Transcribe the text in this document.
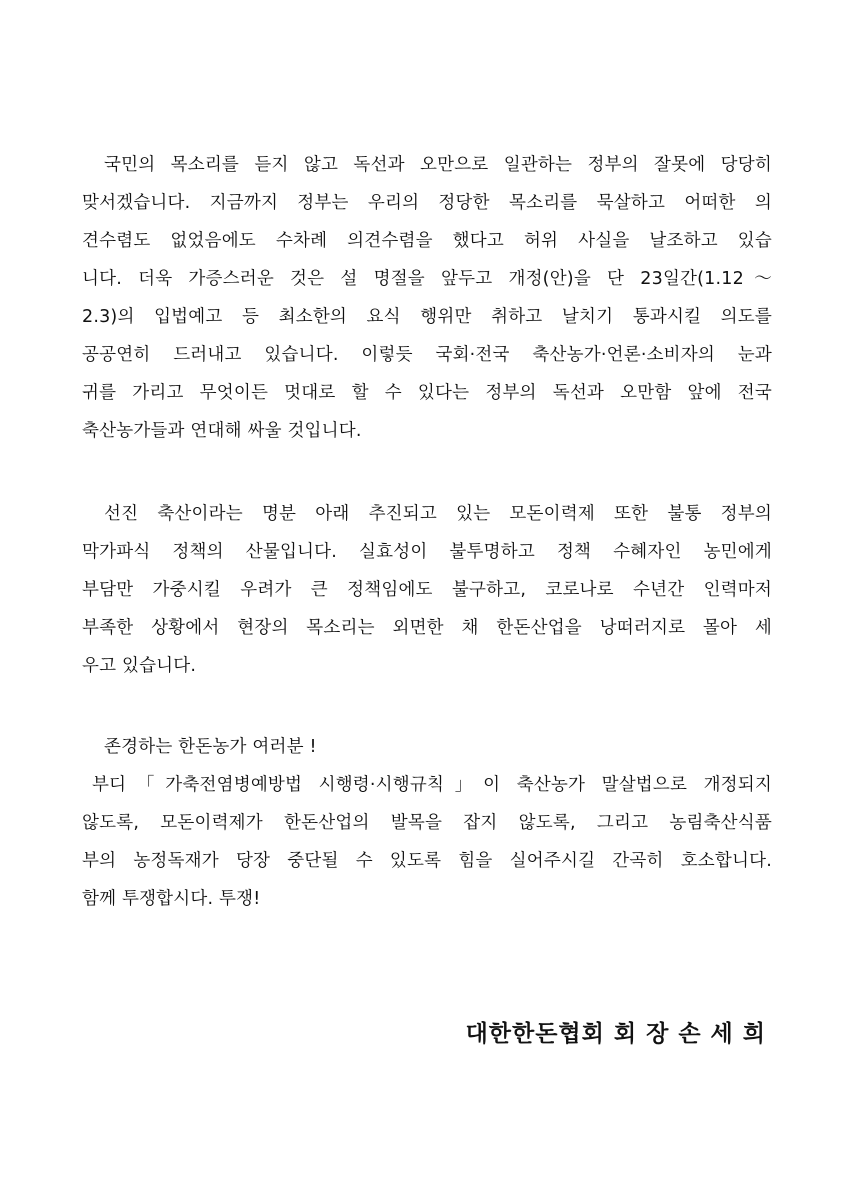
국민의 목소리를 듣지 않고 독선과 오만으로 일관하는 정부의 잘못에 당당히
맞서겠습니다. 지금까지 정부는 우리의 정당한 목소리를 묵살하고 어떠한 의
견수렴도 없었음에도 수차례 의견수렴을 했다고 허위 사실을 날조하고 있습
니다. 더욱 가증스러운 것은 설 명절을 앞두고 개정(안)을 단 23일간(1.12～
2.3)의 입법예고 등 최소한의 요식 행위만 취하고 날치기 통과시킬 의도를
공공연히 드러내고 있습니다. 이렇듯 국회·전국 축산농가·언론·소비자의 눈과
귀를 가리고 무엇이든 멋대로 할 수 있다는 정부의 독선과 오만함 앞에 전국
축산농가들과 연대해 싸울 것입니다.
선진 축산이라는 명분 아래 추진되고 있는 모돈이력제 또한 불통 정부의
막가파식 정책의 산물입니다. 실효성이 불투명하고 정책 수혜자인 농민에게
부담만 가중시킬 우려가 큰 정책임에도 불구하고, 코로나로 수년간 인력마저
부족한 상황에서 현장의 목소리는 외면한 채 한돈산업을 낭떠러지로 몰아 세
우고 있습니다.
존경하는 한돈농가 여러분 !
부디「가축전염병예방법 시행령·시행규칙」이 축산농가 말살법으로 개정되지
않도록, 모돈이력제가 한돈산업의 발목을 잡지 않도록, 그리고 농림축산식품
부의 농정독재가 당장 중단될 수 있도록 힘을 실어주시길 간곡히 호소합니다.
함께 투쟁합시다. 투쟁!
대한한돈협회 회 장 손 세 희
